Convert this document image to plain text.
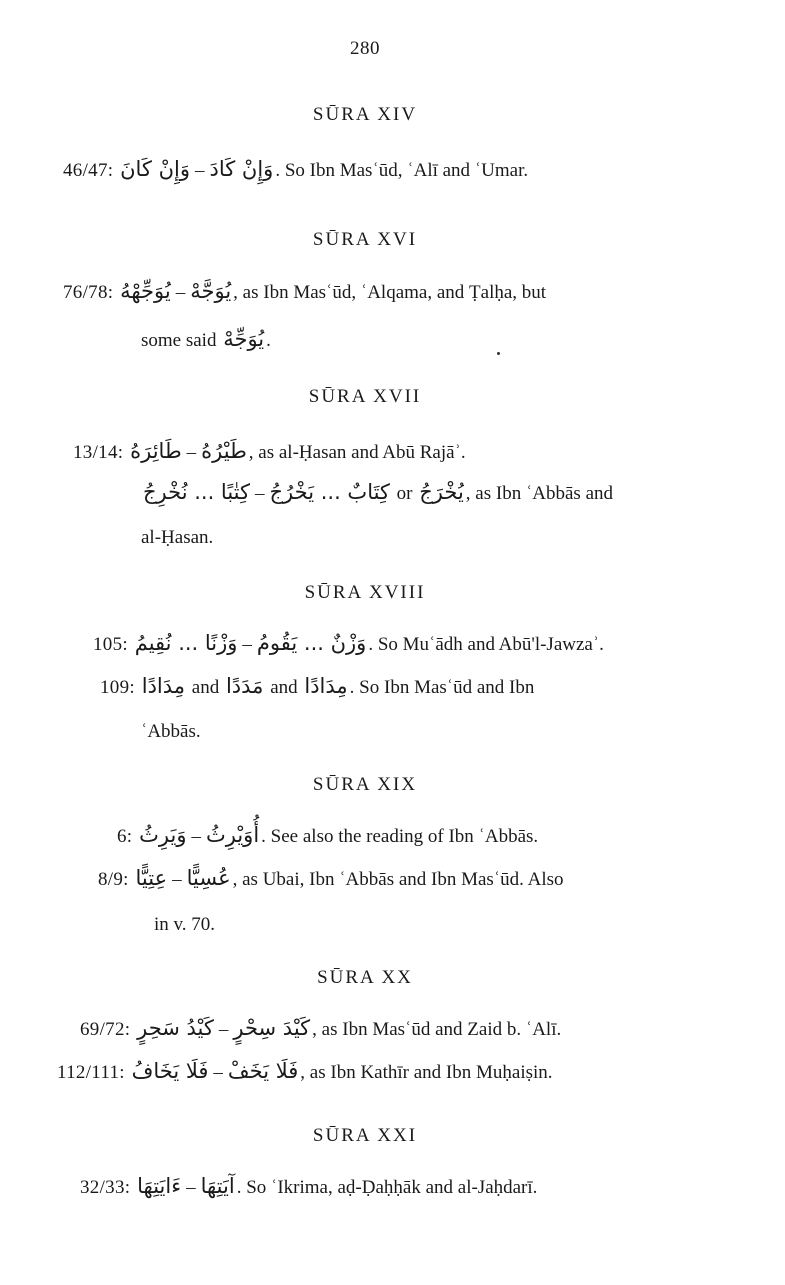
280
SŪRA XIV
46/47: وَإِنْ كَانَ – وَإِنْ كَادَ . So Ibn Masʿūd, ʿAlī and ʿUmar.
SŪRA XVI
76/78: يُوَجِّهْهُ – يُوَجَّهْ , as Ibn Masʿūd, ʿAlqama, and Ṭalḥa, but
some said يُوَجِّهْ .
SŪRA XVII
13/14: طَائِرَهُ – طَيْرُهُ , as al-Ḥasan and Abū Rajāʾ.
كِتٰبًا ... نُخْرِجُ – كِتَابٌ ... يَخْرُجُ or يُخْرَجُ , as Ibn ʿAbbās and
al-Ḥasan.
SŪRA XVIII
105: وَزْنًا ... نُقِيمُ – وَزْنٌ ... يَقُومُ . So Muʿādh and Abū'l-Jawzaʾ.
109: مِدَادًا and مَدَدًا and مِدَادًا . So Ibn Masʿūd and Ibn
ʿAbbās.
SŪRA XIX
6: وَيَرِثُ – أُوَيْرِثُ . See also the reading of Ibn ʿAbbās.
8/9: عِتِيًّا – عُسِيًّا , as Ubai, Ibn ʿAbbās and Ibn Masʿūd. Also
in v. 70.
SŪRA XX
69/72: كَيْدُ سَحِرٍ – كَيْدَ سِحْرٍ , as Ibn Masʿūd and Zaid b. ʿAlī.
112/111: فَلَا يَخَافُ – فَلَا يَخَفْ , as Ibn Kathīr and Ibn Muḥaiṣin.
SŪRA XXI
32/33: ءَايَتِهَا – آيَتِهَا . So ʿIkrima, aḍ-Ḍaḥḥāk and al-Jaḥdarī.
